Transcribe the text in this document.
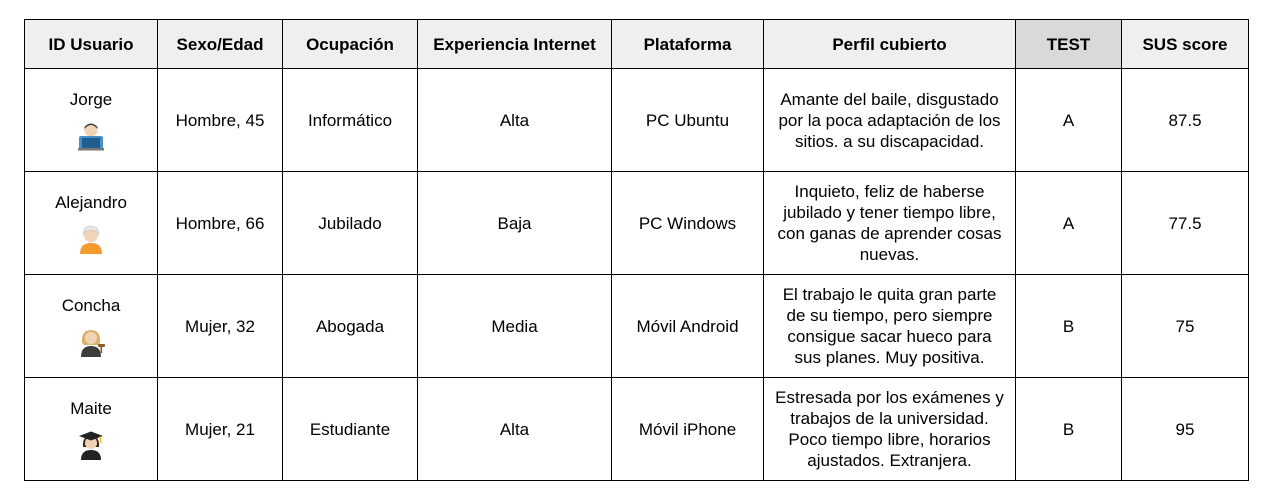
ID Usuario	Sexo/Edad	Ocupación	Experiencia Internet	Plataforma	Perfil cubierto	TEST	SUS score

Jorge	Hombre, 45	Informático	Alta	PC Ubuntu	Amante del baile, disgustado por la poca adaptación de los sitios. a su discapacidad.	A	87.5

Alejandro	Hombre, 66	Jubilado	Baja	PC Windows	Inquieto, feliz de haberse jubilado y tener tiempo libre, con ganas de aprender cosas nuevas.	A	77.5

Concha	Mujer, 32	Abogada	Media	Móvil Android	El trabajo le quita gran parte de su tiempo, pero siempre consigue sacar hueco para sus planes. Muy positiva.	B	75

Maite	Mujer, 21	Estudiante	Alta	Móvil iPhone	Estresada por los exámenes y trabajos de la universidad. Poco tiempo libre, horarios ajustados. Extranjera.	B	95
